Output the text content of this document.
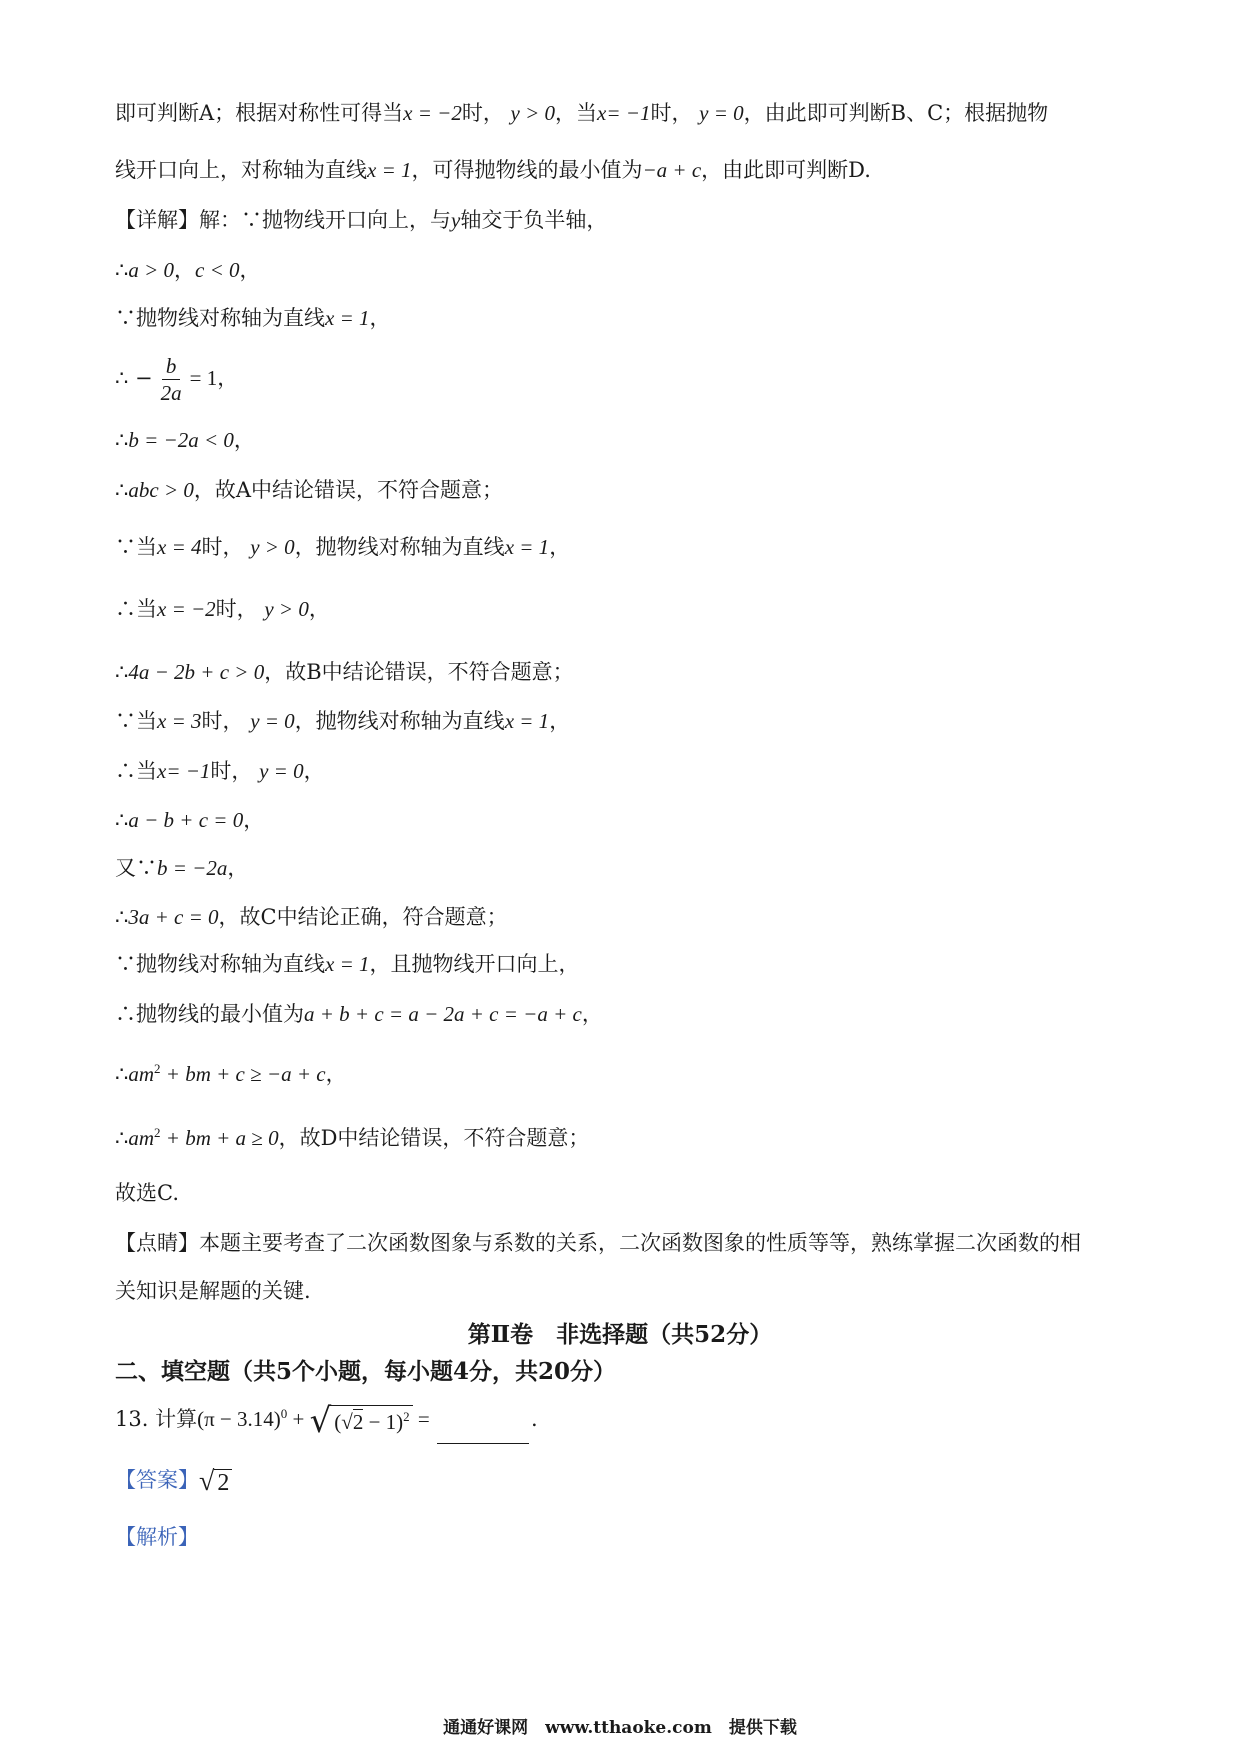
即可判断A；根据对称性可得当x = −2时， y > 0，当x= −1时， y = 0，由此即可判断B、C；根据抛物
线开口向上，对称轴为直线x = 1，可得抛物线的最小值为−a + c，由此即可判断D.
【详解】解：∵抛物线开口向上，与y轴交于负半轴，
∴a > 0，c < 0，
∵抛物线对称轴为直线x = 1，
∴ − $\frac{b}{2a} = 1$，
∴b = −2a < 0，
∴abc > 0，故A中结论错误，不符合题意；
∵当x = 4时， y > 0，抛物线对称轴为直线x = 1，
∴当x = −2时， y > 0，
∴4a − 2b + c > 0，故B中结论错误，不符合题意；
∵当x = 3时， y = 0，抛物线对称轴为直线x = 1，
∴当x= −1时， y = 0，
∴a − b + c = 0，
又∵b = −2a，
∴3a + c = 0，故C中结论正确，符合题意；
∵抛物线对称轴为直线x = 1，且抛物线开口向上，
∴抛物线的最小值为a + b + c = a − 2a + c = −a + c，
$\therefore am^2$ + bm + c ≥ −a + c，
$\therefore am^2$ + bm + a ≥ 0，故D中结论错误，不符合题意；
故选C.
【点睛】本题主要考查了二次函数图象与系数的关系，二次函数图象的性质等等，熟练掌握二次函数的相
关知识是解题的关键.
第Ⅱ卷　非选择题（共52分）
二、填空题（共5个小题，每小题4分，共20分）
13. 计算$(\pi - 3.14)^0$ + √ $(√2 - 1)^2$ =	.
【答案】 √ 2
【解析】
通通好课网　www.tthaoke.com　提供下载
